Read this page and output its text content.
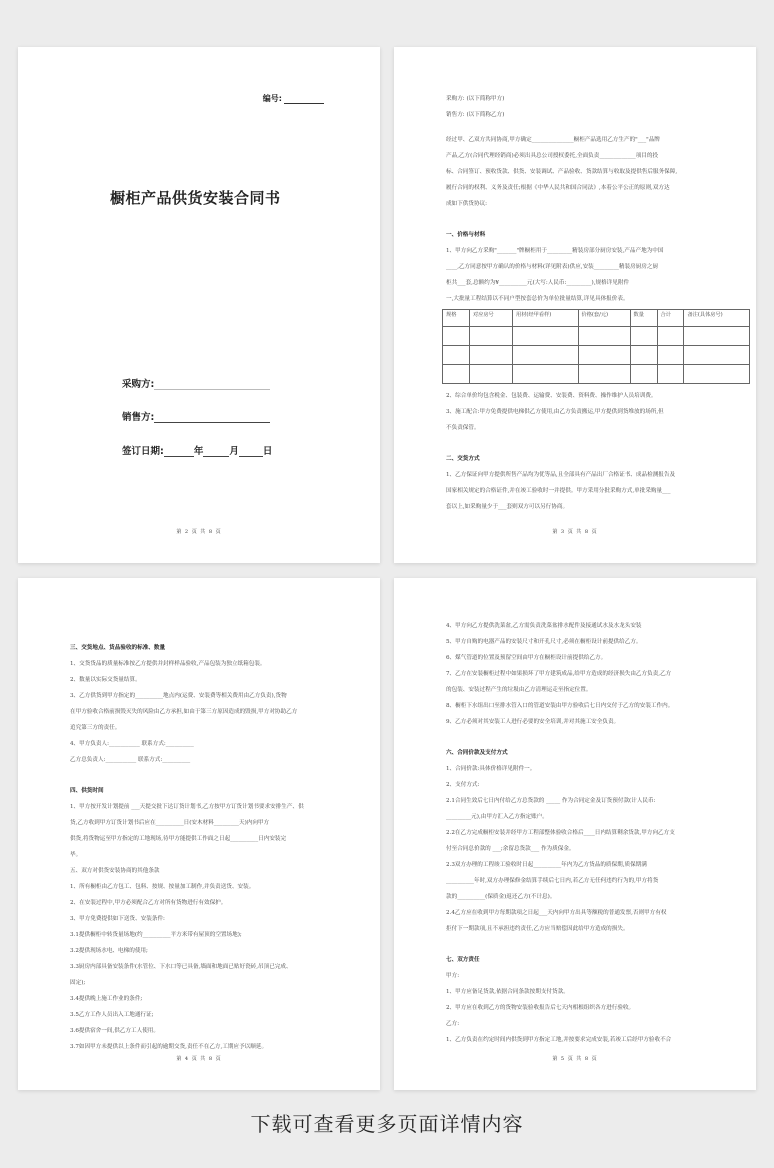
编号:
橱柜产品供货安装合同书
采购方:
销售方:
签订日期:	年	月	日
第 2 页 共 8 页
采购方: (以下简称甲方)
销售方: (以下简称乙方)
经过甲、乙双方共同协商,甲方确定_______________橱柜产品选用乙方生产的"___"品牌
产品,乙方(合同代理经销商)必须出具总公司授权委托,全面负责_____________项目的投
标、合同签订、预收货款、供货、安装调试、产品验收、货款结算与收取及提供售后服务保障,
履行合同的权利、义务及责任;根据《中华人民共和国合同法》,本着公平公正的原则,双方达
成如下供货协议:
一、价格与材料
1、甲方向乙方采购"_______"牌橱柜用于_________精装房部分厨房安装,产品产地为中国
____,乙方同意按甲方确认的价格与材料(详见附表)供应,安装_________精装房厨房之厨
柜共___套,总额约为¥__________元(大写:人民币:_________),规格详见附件
一,大批量工程结算以不同户型按套总价为单位批量结算,详见具体报价表。
规格	对应房号	用材(经甲看样)	价格(套/元)	数量	合计	备注(具体房号)

2、综合单价均包含税金、包装费、运输费、安装费、资料费、操作维护人员培训费。
3、施工配合:甲方免费提供电梯供乙方使用,由乙方负责搬运,甲方提供到货堆放的场所,但
不负责保管。
二、交货方式
1、乙方保证向甲方提供所售产品均为优等品,且全部具有产品出厂合格证书、成品检测报告及
国家相关规定的合格证件,并在竣工验收时一并提供。甲方采用分批采购方式,单批采购量___
套以上,如采购量少于___套则双方可以另行协商。
第 3 页 共 8 页
三、交货地点、货品验收的标准、数量
1、交货货品的质量标准按乙方提供并封样样品验收,产品包装为独立纸箱包装。
2、数量以实际交货量结算。
3、乙方供货到甲方指定的__________地点内(运费、安装费等相关费用由乙方负责),货物
在甲方验收合格前损毁灭失的风险由乙方承担,如由于第三方原因造成的毁损,甲方对协助乙方
追究第三方的责任。
4、甲方负责人:___________ 联系方式:__________
乙方总负责人:___________ 联系方式:__________
四、供货时间
1、甲方按开发计划提前 ___天提交批下达订货计划书,乙方按甲方订货计划书要求安排生产、供
货,乙方收到甲方订货计划书后应在__________日(安木材料_________天)内向甲方
供货,将货物运至甲方指定的工地现场,待甲方能提供工作面之日起__________日内安装完
毕。
五、双方对供货安装协商的其他条款
1、所有橱柜由乙方包工、包料、按规、按量加工制作,并负责送货、安装。
2、在安装过程中,甲方必须配合乙方对所有货物进行有效保护。
3、甲方免费提供如下送货、安装条件:
3.1提供橱柜中转货量场地(约__________平方米带有屋顶的空置场地);
3.2提供现场水电、电梯的使用;
3.3厨房内部具备安装条件(水管位、下水口等已具备,墙面和地面已贴好瓷砖,吊顶已完成、
固定);
3.4提供晚上施工作业的条件;
3.5乙方工作人员出入工地通行证;
3.6提供宿舍一间,供乙方工人使用。
3.7如因甲方未提供以上条件而引起的逾期交货,责任不在乙方,工期应予以顺延。
第 4 页 共 8 页
4、甲方向乙方提供洗菜盆,乙方需负责洗菜盆排水配件及接通试水及水龙头安装
5、甲方自购的电器产品的安装尺寸和开孔尺寸,必须在橱柜设计前提供给乙方。
6、煤气管道的位置及预留空间由甲方在橱柜设计前提供给乙方。
7、乙方在安装橱柜过程中如果损坏了甲方建筑成品,给甲方造成的经济损失由乙方负责,乙方
的包装、安装过程产生的垃圾由乙方清理运走至指定位置。
8、橱柜下水组出口至排水管入口的管道安装由甲方验收后七日内交付于乙方的安装工作内。
9、乙方必须对其安装工人进行必要的安全培训,并对其施工安全负责。
六、合同价款及支付方式
1、合同价款:具体价格详见附件一。
2、支付方式:
2.1合同生效后七日内付给乙方总货款的 _____ 作为合同定金及订货预付款(计人民币:
_________元),由甲方汇入乙方指定账户。
2.2在乙方完成橱柜安装并经甲方工程部整体验收合格后____日内结算剩余货款,甲方向乙方支
付至合同总价款的 ___;余留总货款___ 作为质保金。
2.3双方办理的工程竣工验收时日起__________年内为乙方货品的质保期,质保期满
__________年时,双方办理保修金结算手续后七日内,若乙方无任何违约行为的,甲方将货
款的__________(保质金)返还乙方(不计息)。
2.4乙方应在收到甲方每期款项之日起___天内向甲方出具等额税的普通发票,否则甲方有权
拒付下一期款项,且不承担违约责任,乙方应当赔偿因此给甲方造成的损失。
七、双方责任
甲方:
1、甲方应备足货款,依据合同条款按期支付货款。
2、甲方应在收到乙方的货物安装验收报告后七天内相根组织各方进行验收。
乙方:
1、乙方负责在约定时间内供货到甲方指定工地,并按要求完成安装,若竣工后经甲方验收不合
第 5 页 共 8 页
下载可查看更多页面详情内容
